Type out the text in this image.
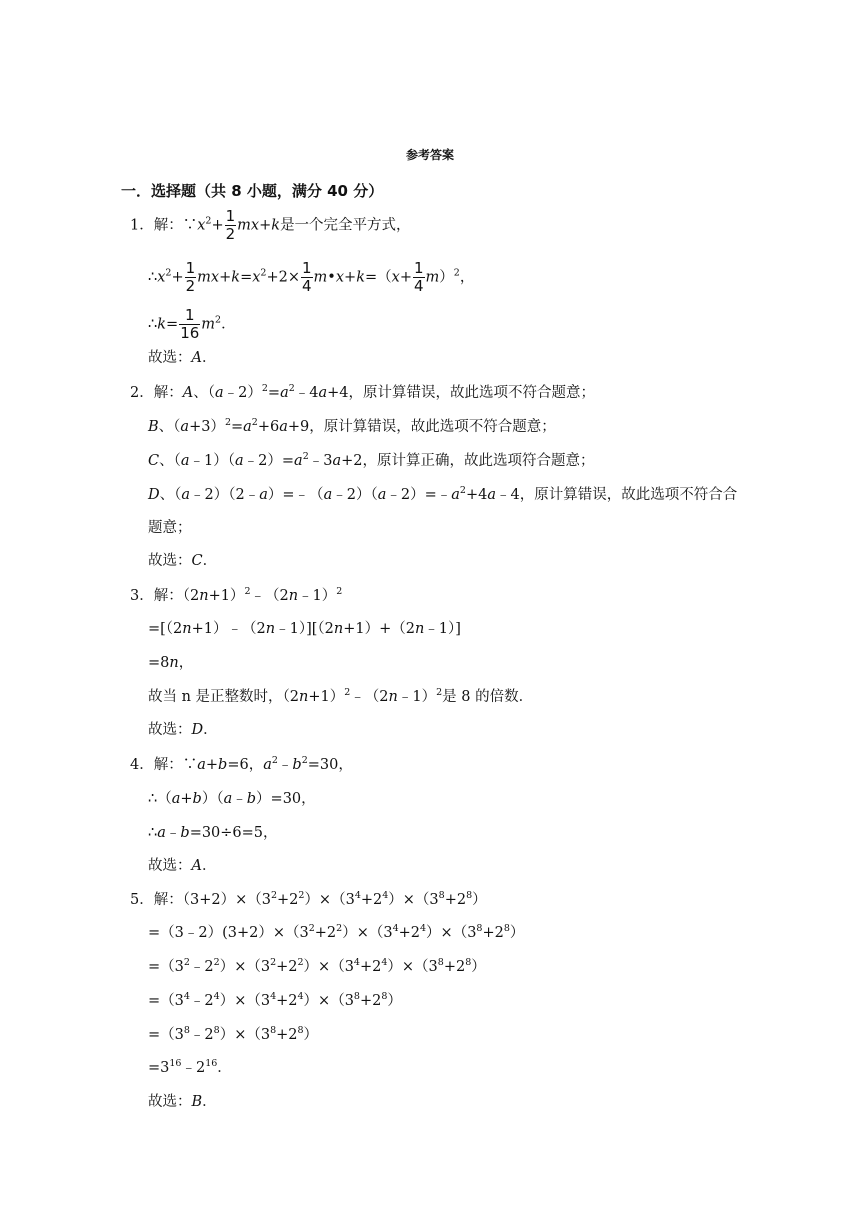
参考答案
一．选择题（共 8 小题，满分 40 分）
1．解：$\because x^2+ \frac{1}{2} mx+k$是一个完全平方式，
$\therefore x^2+ \frac{1}{2} mx+k=x^2+2\times \frac{1}{4}$ m•x+k=（x+ $\frac{1}{4} m)^2$，
∴k= $\frac{1}{16} m^2$．
故选：A．
2．解：A、$(a﹣2)^2=a^2﹣4a+4$，原计算错误，故此选项不符合题意；
B、$(a+3)^2=a^2+6a+9$，原计算错误，故此选项不符合题意；
C、$(a﹣1)(a﹣2)=a^2﹣3a+2$，原计算正确，故此选项符合题意；
D、$(a﹣2)(2﹣a)=﹣(a﹣2)(a﹣2)=﹣a^2+4a﹣4$，原计算错误，故此选项不符合合
题意；
故选：C．
3．解：$(2n+1)^2﹣(2n﹣1)^2$
=[（2n+1）﹣（2n﹣1）][（2n+1）+（2n﹣1）]
=8n，
故当 n 是正整数时，$(2n+1)^2﹣(2n﹣1)^2$是 8 的倍数．
故选：D．
4．解：∵a+b=6，$a^2﹣b^2=30$，
∴（a+b）（a﹣b）=30，
∴a﹣b=30÷6=5，
故选：A．
5．解：$(3+2)\times(3^2+2^2)\times(3^4+2^4)\times(3^8+2^8)$
$=(3﹣2)(3+2)\times(3^2+2^2)\times(3^4+2^4)\times(3^8+2^8)$
$=(3^2﹣2^2)\times(3^2+2^2)\times(3^4+2^4)\times(3^8+2^8)$
$=(3^4﹣2^4)\times(3^4+2^4)\times(3^8+2^8)$
$=(3^8﹣2^8)\times(3^8+2^8)$
$=3^{16}﹣2^{16}$．
故选：B．
